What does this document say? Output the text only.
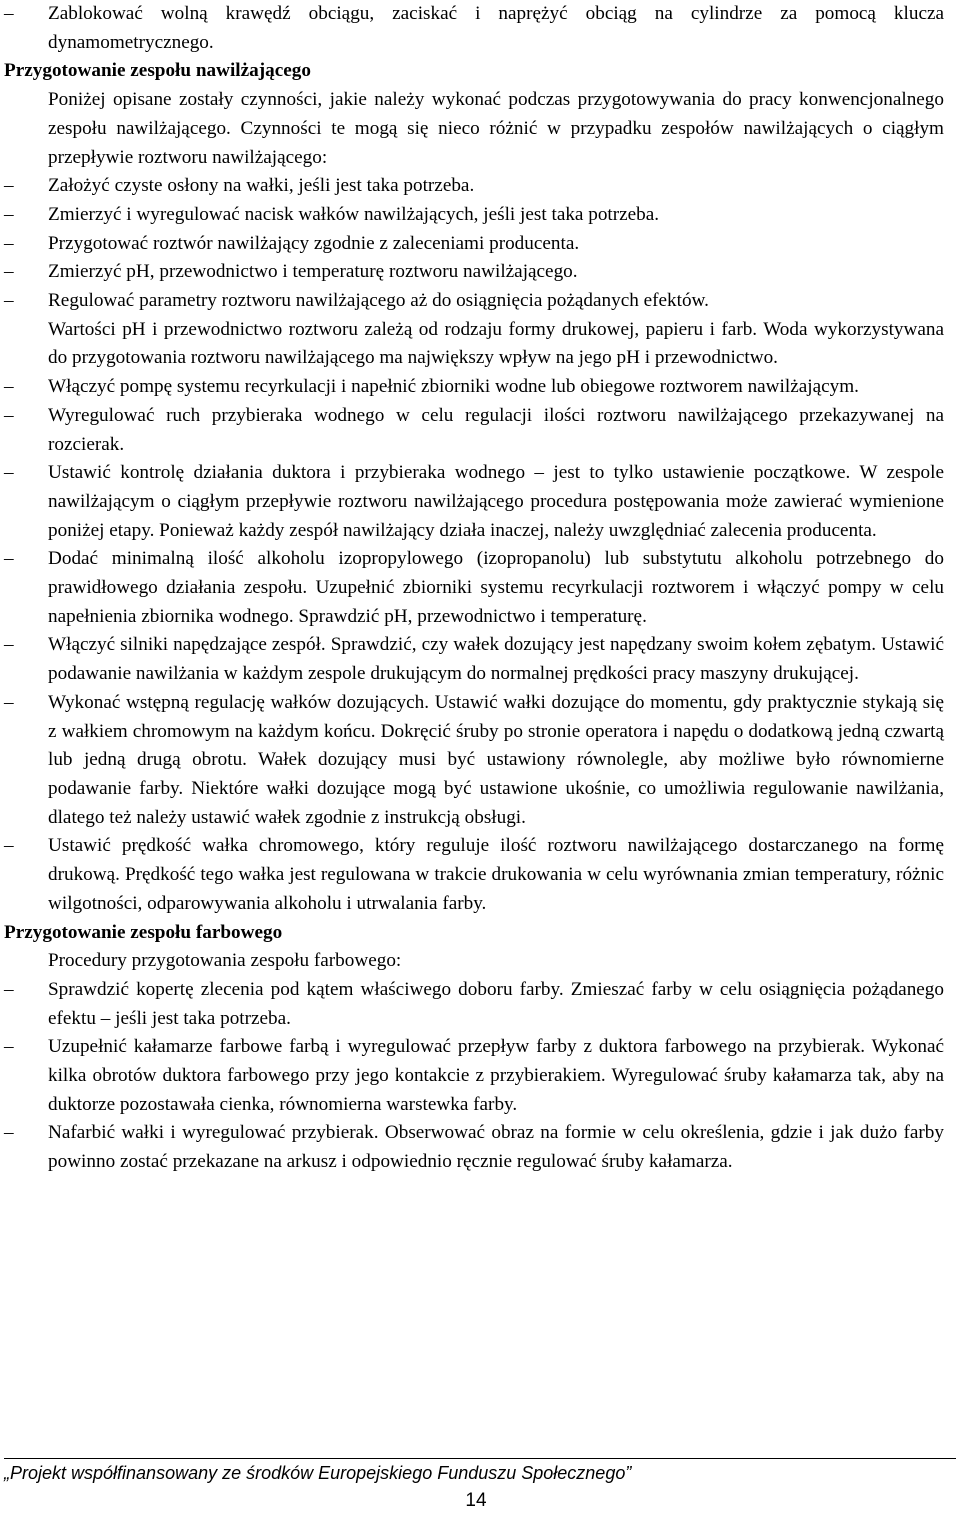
–	Zablokować wolną krawędź obciągu, zaciskać i naprężyć obciąg na cylindrze za pomocą klucza dynamometrycznego.
Przygotowanie zespołu nawilżającego
Poniżej opisane zostały czynności, jakie należy wykonać podczas przygotowywania do pracy konwencjonalnego zespołu nawilżającego. Czynności te mogą się nieco różnić w przypadku zespołów nawilżających o ciągłym przepływie roztworu nawilżającego:
–	Założyć czyste osłony na wałki, jeśli jest taka potrzeba.
–	Zmierzyć i wyregulować nacisk wałków nawilżających, jeśli jest taka potrzeba.
–	Przygotować roztwór nawilżający zgodnie z zaleceniami producenta.
–	Zmierzyć pH, przewodnictwo i temperaturę roztworu nawilżającego.
–	Regulować parametry roztworu nawilżającego aż do osiągnięcia pożądanych efektów.
Wartości pH i przewodnictwo roztworu zależą od rodzaju formy drukowej, papieru i farb. Woda wykorzystywana do przygotowania roztworu nawilżającego ma największy wpływ na jego pH i przewodnictwo.
–	Włączyć pompę systemu recyrkulacji i napełnić zbiorniki wodne lub obiegowe roztworem nawilżającym.
–	Wyregulować ruch przybieraka wodnego w celu regulacji ilości roztworu nawilżającego przekazywanej na rozcierak.
–	Ustawić kontrolę działania duktora i przybieraka wodnego – jest to tylko ustawienie początkowe. W zespole nawilżającym o ciągłym przepływie roztworu nawilżającego procedura postępowania może zawierać wymienione poniżej etapy. Ponieważ każdy zespół nawilżający działa inaczej, należy uwzględniać zalecenia producenta.
–	Dodać minimalną ilość alkoholu izopropylowego (izopropanolu) lub substytutu alkoholu potrzebnego do prawidłowego działania zespołu. Uzupełnić zbiorniki systemu recyrkulacji roztworem i włączyć pompy w celu napełnienia zbiornika wodnego. Sprawdzić pH, przewodnictwo i temperaturę.
–	Włączyć silniki napędzające zespół. Sprawdzić, czy wałek dozujący jest napędzany swoim kołem zębatym. Ustawić podawanie nawilżania w każdym zespole drukującym do normalnej prędkości pracy maszyny drukującej.
–	Wykonać wstępną regulację wałków dozujących. Ustawić wałki dozujące do momentu, gdy praktycznie stykają się z wałkiem chromowym na każdym końcu. Dokręcić śruby po stronie operatora i napędu o dodatkową jedną czwartą lub jedną drugą obrotu. Wałek dozujący musi być ustawiony równolegle, aby możliwe było równomierne podawanie farby. Niektóre wałki dozujące mogą być ustawione ukośnie, co umożliwia regulowanie nawilżania, dlatego też należy ustawić wałek zgodnie z instrukcją obsługi.
–	Ustawić prędkość wałka chromowego, który reguluje ilość roztworu nawilżającego dostarczanego na formę drukową. Prędkość tego wałka jest regulowana w trakcie drukowania w celu wyrównania zmian temperatury, różnic wilgotności, odparowywania alkoholu i utrwalania farby.
Przygotowanie zespołu farbowego
Procedury przygotowania zespołu farbowego:
–	Sprawdzić kopertę zlecenia pod kątem właściwego doboru farby. Zmieszać farby w celu osiągnięcia pożądanego efektu – jeśli jest taka potrzeba.
–	Uzupełnić kałamarze farbowe farbą i wyregulować przepływ farby z duktora farbowego na przybierak. Wykonać kilka obrotów duktora farbowego przy jego kontakcie z przybierakiem. Wyregulować śruby kałamarza tak, aby na duktorze pozostawała cienka, równomierna warstewka farby.
–	Nafarbić wałki i wyregulować przybierak. Obserwować obraz na formie w celu określenia, gdzie i jak dużo farby powinno zostać przekazane na arkusz i odpowiednio ręcznie regulować śruby kałamarza.
„Projekt współfinansowany ze środków Europejskiego Funduszu Społecznego”
14
